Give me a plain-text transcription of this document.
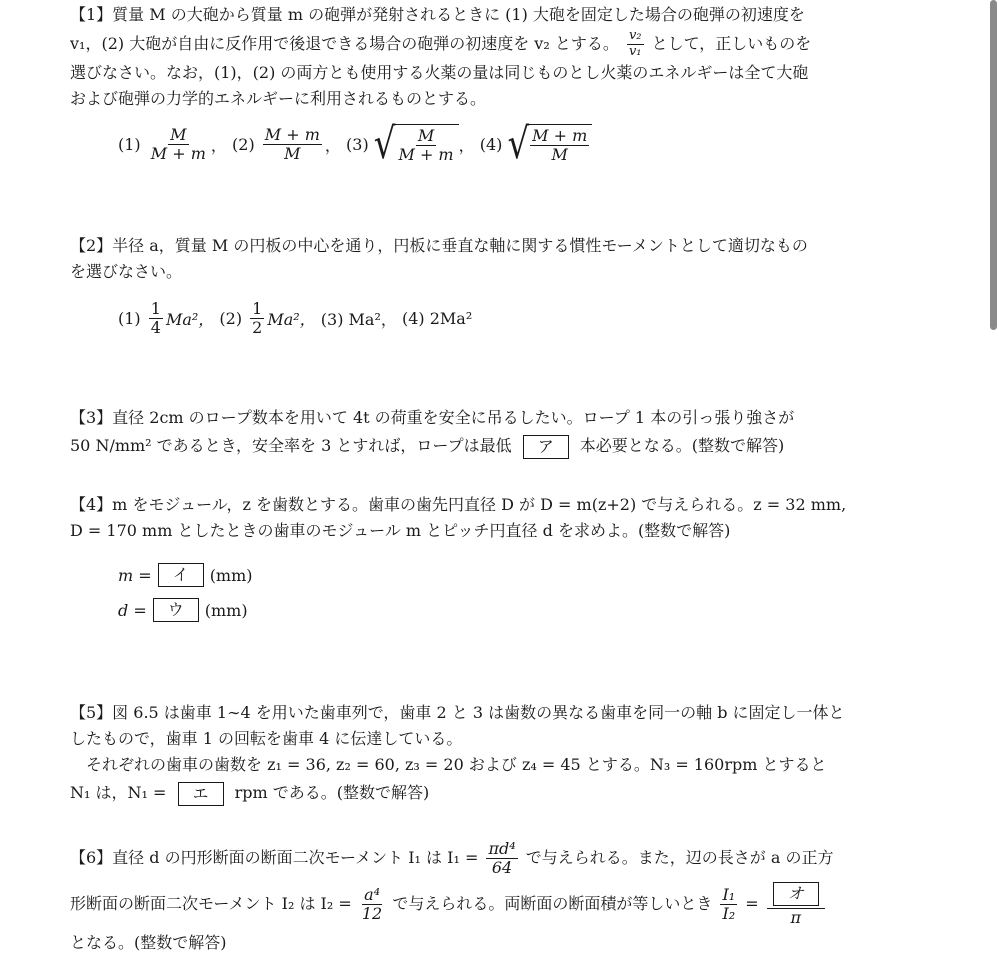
【1】質量 M の大砲から質量 m の砲弾が発射されるときに (1) 大砲を固定した場合の砲弾の初速度を
v₁，(2) 大砲が自由に反作用で後退できる場合の砲弾の初速度を v₂ とする。 $\frac{\text{v₂}}{\text{v₁}}$ として，正しいものを
選びなさい。なお，(1)，(2) の両方とも使用する火薬の量は同じものとし火薬のエネルギーは全て大砲
および砲弾の力学的エネルギーに利用されるものとする。
(1)
$\frac{M}{M + m}$ ，
(2)
$\frac{M + m}{M}$ ，
(3)
√ $\frac{M}{M + m}$ ，
(4)
√ $\frac{M + m}{M}$
【2】半径 a，質量 M の円板の中心を通り，円板に垂直な軸に関する慣性モーメントとして適切なもの
を選びなさい。
(1)
$\frac{1}{4} Ma^2$，
(2)
$\frac{1}{2} Ma^2$，
(3) Ma²，
(4) 2Ma²
【3】直径 2cm のロープ数本を用いて 4t の荷重を安全に吊るしたい。ロープ 1 本の引っ張り強さが
50 N/mm² であるとき，安全率を 3 とすれば，ロープは最低 ア 本必要となる。(整数で解答)
【4】m をモジュール，z を歯数とする。歯車の歯先円直径 D が D = m(z+2) で与えられる。z = 32 mm,
D = 170 mm としたときの歯車のモジュール m とピッチ円直径 d を求めよ。(整数で解答)
m =	イ	(mm)
d =	ウ	(mm)
【5】図 6.5 は歯車 1∼4 を用いた歯車列で，歯車 2 と 3 は歯数の異なる歯車を同一の軸 b に固定し一体と
したもので，歯車 1 の回転を歯車 4 に伝達している。
それぞれの歯車の歯数を z₁ = 36, z₂ = 60, z₃ = 20 および z₄ = 45 とする。N₃ = 160rpm とすると
N₁ は，N₁ = エ rpm である。(整数で解答)
【6】直径 d の円形断面の断面二次モーメント I₁ は $I_1 = \frac{\text{πd⁴}}{64}$ で与えられる。また，辺の長さが a の正方
形断面の断面二次モーメント I₂ は $I_2 = \frac{\text{a⁴}}{12}$ で与えられる。両断面の断面積が等しいとき $\frac{\text{I₁}}{\text{I₂}} = \frac{\text{オ}}{\pi}$
となる。(整数で解答)
